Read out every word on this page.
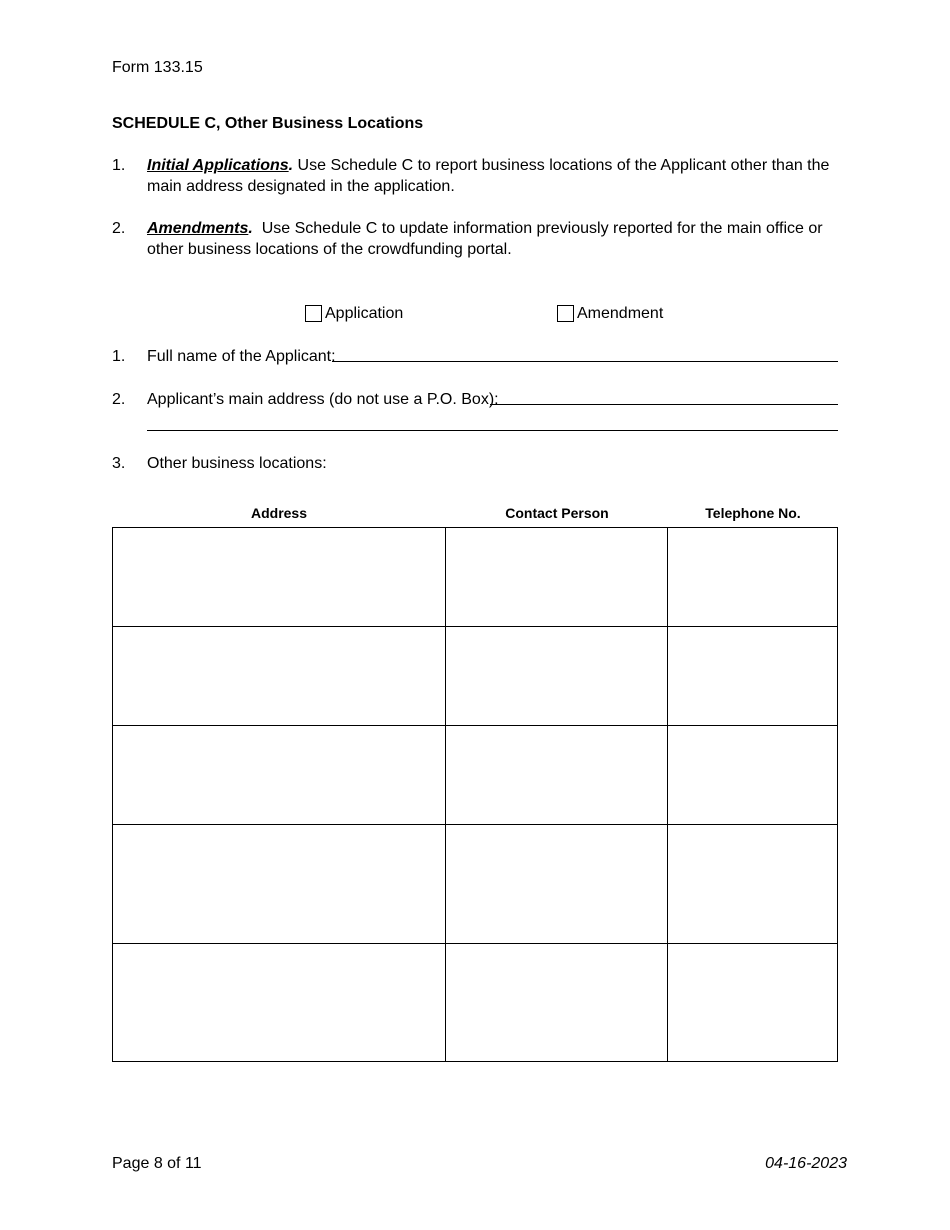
Form 133.15
SCHEDULE C, Other Business Locations
1. Initial Applications. Use Schedule C to report business locations of the Applicant other than the main address designated in the application.
2. Amendments.  Use Schedule C to update information previously reported for the main office or other business locations of the crowdfunding portal.
Application	Amendment
1. Full name of the Applicant:
2. Applicant’s main address (do not use a P.O. Box):
3. Other business locations:
Address	Contact Person	Telephone No.

Page 8 of 11	04-16-2023
